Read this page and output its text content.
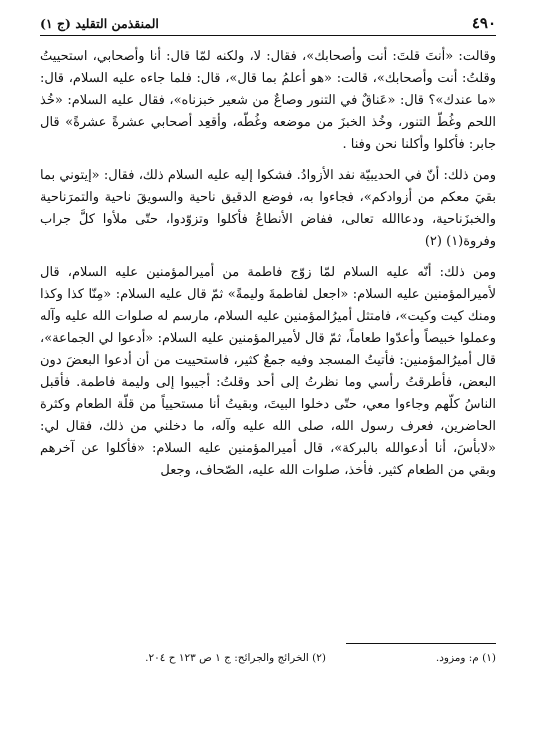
٤٩٠
المنقذمن التقليد (ج ١)

وقالت: «أنتَ قلتَ: أنت وأصحابك»، فقال: لا، ولكنه لمّا قال: أنا وأصحابي، استحييتُ وقلتُ: أنت وأصحابك»، قالت: «هو أعلمُ بما قال»، قال: فلما جاءه عليه السلام، قال: «ما عندك»؟ قال: «عَناقٌ في التنور وصاعٌ من شعير خبزناه»، فقال عليه السلام: «خُذ اللحم وغُطّ التنور، وخُذ الخبزَ من موضعه وغُطّه، وأقعِد أصحابي عشرةً عشرةً» قال جابر: فأكلوا وأكلنا نحن وفنا .

ومن ذلك: أنّ في الحديبيّة نفد الأزوادُ. فشكوا إليه عليه السلام ذلك، فقال: «إيتوني بما بقيَ معكم من أزوادكم»، فجاءوا به، فوضع الدقيق ناحية والسويقَ ناحية والتمرَناحية والخبزَناحية، ودعاالله تعالى، ففاض الأنطاعُ فأكلوا وتزوّدوا، حتّى ملأوا كلَّ جراب وفروة(١) (٢)

ومن ذلك: أنّه عليه السلام لمّا زوّج فاطمة من أميرالمؤمنين عليه السلام، قال لأميرالمؤمنين عليه السلام: «اجعل لفاطمةَ وليمةً» ثمّ قال عليه السلام: «مِنّا كذا وكذا ومنك كيت وكيت»، فامتثل أميرُالمؤمنين عليه السلام، مارسم له صلوات الله عليه وآله وعملوا خبيصاً وأعدّوا طعاماً، ثمّ قال لأميرالمؤمنين عليه السلام: «أدعوا لي الجماعة»، قال أميرُالمؤمنين: فأتيتُ المسجد وفيه جمعٌ كثير، فاستحييت من أن أدعوا البعضَ دون البعض، فأطرقتُ رأسي وما نظرتُ إلى أحد وقلتُ: أجيبوا إلى وليمة فاطمة. فأقبل الناسُ كلّهم وجاءوا معي، حتّى دخلوا البيتَ، وبقيتُ أنا مستحيياً من قلّة الطعام وكثرة الحاضرين، فعرف رسول الله، صلى الله عليه وآله، ما دخلني من ذلك، فقال لي: «لابأسَ، أنا أدعوالله بالبركة»، قال أميرالمؤمنين عليه السلام: «فأكلوا عن آخرهم وبقي من الطعام كثير. فأخذ، صلوات الله عليه، الصّحاف، وجعل

(١) م: ومزود.
(٢) الخرائج والجرائح: ج ١ ص ١٢٣ ح ٢٠٤.
